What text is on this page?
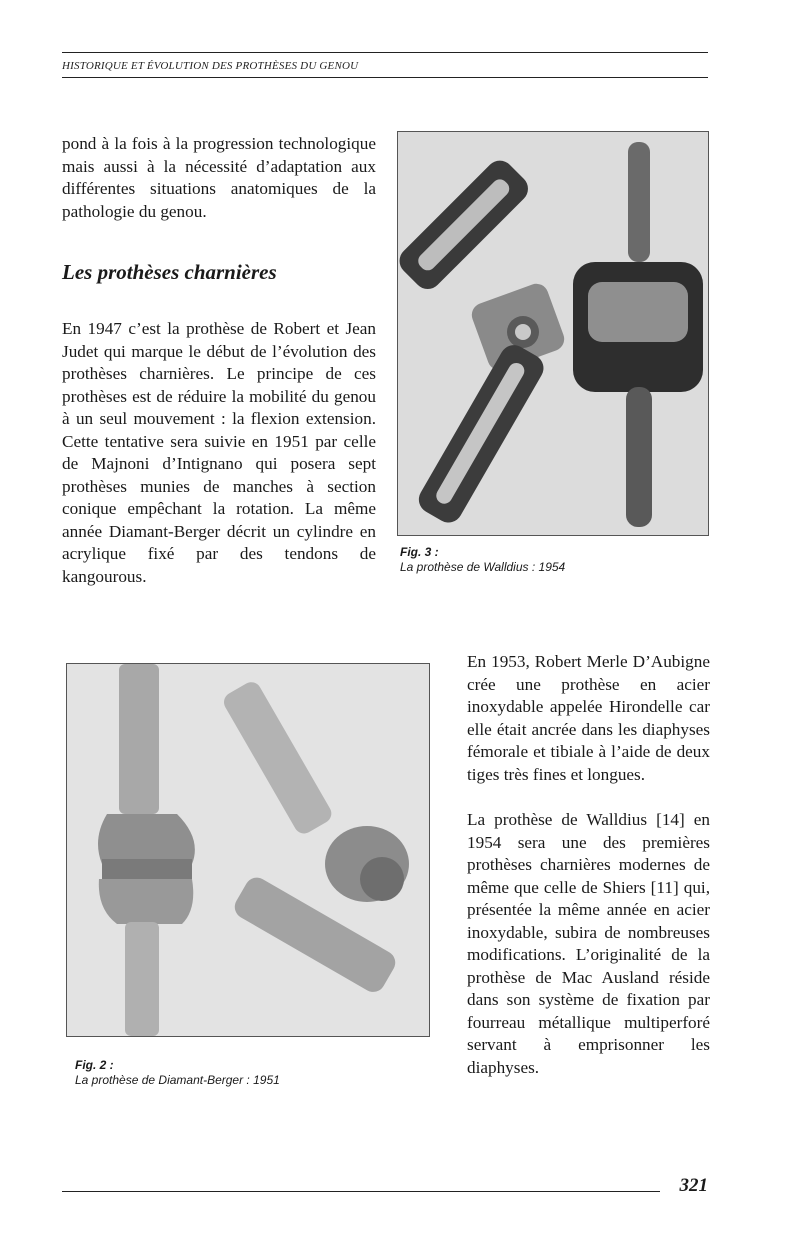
HISTORIQUE ET ÉVOLUTION DES PROTHÈSES DU GENOU

pond à la fois à la progression technologique mais aussi à la nécessité d’adaptation aux différentes situations anatomiques de la pathologie du genou.

Les prothèses charnières

En 1947 c’est la prothèse de Robert et Jean Judet qui marque le début de l’évolution des prothèses charnières. Le principe de ces prothèses est de réduire la mobilité du genou à un seul mouvement : la flexion extension. Cette tentative sera suivie en 1951 par celle de Majnoni d’Intignano qui posera sept prothèses munies de manches à section conique empêchant la rotation. La même année Diamant-Berger décrit un cylindre en acrylique fixé par des tendons de kangourous.

Fig. 3 :
La prothèse de Walldius : 1954
Fig. 2 :
La prothèse de Diamant-Berger : 1951

En 1953, Robert Merle D’Aubigne crée une prothèse en acier inoxydable appelée Hirondelle car elle était ancrée dans les diaphyses fémorale et tibiale à l’aide de deux tiges très fines et longues.

La prothèse de Walldius [14] en 1954 sera une des premières prothèses charnières modernes de même que celle de Shiers [11] qui, présentée la même année en acier inoxydable, subira de nombreuses modifications. L’originalité de la prothèse de Mac Ausland réside dans son système de fixation par fourreau métallique multiperforé servant à emprisonner les diaphyses.

321
